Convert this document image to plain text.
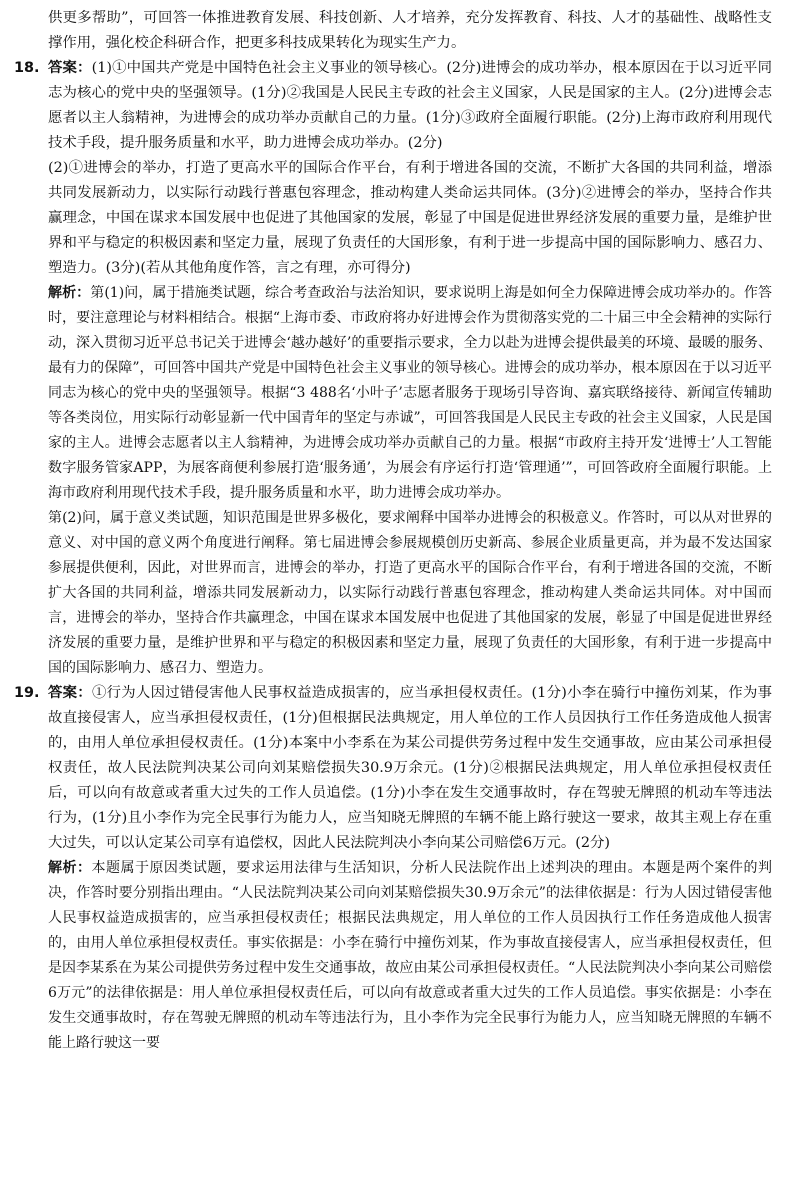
供更多帮助”，可回答一体推进教育发展、科技创新、人才培养，充分发挥教育、科技、人才的基础性、战略性支撑作用，强化校企科研合作，把更多科技成果转化为现实生产力。

18. 答案：(1)①中国共产党是中国特色社会主义事业的领导核心。(2分)进博会的成功举办，根本原因在于以习近平同志为核心的党中央的坚强领导。(1分)②我国是人民民主专政的社会主义国家，人民是国家的主人。(2分)进博会志愿者以主人翁精神，为进博会的成功举办贡献自己的力量。(1分)③政府全面履行职能。(2分)上海市政府利用现代技术手段，提升服务质量和水平，助力进博会成功举办。(2分)

(2)①进博会的举办，打造了更高水平的国际合作平台，有利于增进各国的交流，不断扩大各国的共同利益，增添共同发展新动力，以实际行动践行普惠包容理念，推动构建人类命运共同体。(3分)②进博会的举办，坚持合作共赢理念，中国在谋求本国发展中也促进了其他国家的发展，彰显了中国是促进世界经济发展的重要力量，是维护世界和平与稳定的积极因素和坚定力量，展现了负责任的大国形象，有利于进一步提高中国的国际影响力、感召力、塑造力。(3分)(若从其他角度作答，言之有理，亦可得分)

解析：第(1)问，属于措施类试题，综合考查政治与法治知识，要求说明上海是如何全力保障进博会成功举办的。作答时，要注意理论与材料相结合。根据“上海市委、市政府将办好进博会作为贯彻落实党的二十届三中全会精神的实际行动，深入贯彻习近平总书记关于进博会‘越办越好’的重要指示要求，全力以赴为进博会提供最美的环境、最暖的服务、最有力的保障”，可回答中国共产党是中国特色社会主义事业的领导核心。进博会的成功举办，根本原因在于以习近平同志为核心的党中央的坚强领导。根据“3 488名‘小叶子’志愿者服务于现场引导咨询、嘉宾联络接待、新闻宣传辅助等各类岗位，用实际行动彰显新一代中国青年的坚定与赤诚”，可回答我国是人民民主专政的社会主义国家，人民是国家的主人。进博会志愿者以主人翁精神，为进博会成功举办贡献自己的力量。根据“市政府主持开发‘进博士’人工智能数字服务管家APP，为展客商便利参展打造‘服务通’，为展会有序运行打造‘管理通’”，可回答政府全面履行职能。上海市政府利用现代技术手段，提升服务质量和水平，助力进博会成功举办。

第(2)问，属于意义类试题，知识范围是世界多极化，要求阐释中国举办进博会的积极意义。作答时，可以从对世界的意义、对中国的意义两个角度进行阐释。第七届进博会参展规模创历史新高、参展企业质量更高，并为最不发达国家参展提供便利，因此，对世界而言，进博会的举办，打造了更高水平的国际合作平台，有利于增进各国的交流，不断扩大各国的共同利益，增添共同发展新动力，以实际行动践行普惠包容理念，推动构建人类命运共同体。对中国而言，进博会的举办，坚持合作共赢理念，中国在谋求本国发展中也促进了其他国家的发展，彰显了中国是促进世界经济发展的重要力量，是维护世界和平与稳定的积极因素和坚定力量，展现了负责任的大国形象，有利于进一步提高中国的国际影响力、感召力、塑造力。

19. 答案：①行为人因过错侵害他人民事权益造成损害的，应当承担侵权责任。(1分)小李在骑行中撞伤刘某，作为事故直接侵害人，应当承担侵权责任，(1分)但根据民法典规定，用人单位的工作人员因执行工作任务造成他人损害的，由用人单位承担侵权责任。(1分)本案中小李系在为某公司提供劳务过程中发生交通事故，应由某公司承担侵权责任，故人民法院判决某公司向刘某赔偿损失30.9万余元。(1分)②根据民法典规定，用人单位承担侵权责任后，可以向有故意或者重大过失的工作人员追偿。(1分)小李在发生交通事故时，存在驾驶无牌照的机动车等违法行为，(1分)且小李作为完全民事行为能力人，应当知晓无牌照的车辆不能上路行驶这一要求，故其主观上存在重大过失，可以认定某公司享有追偿权，因此人民法院判决小李向某公司赔偿6万元。(2分)

解析：本题属于原因类试题，要求运用法律与生活知识，分析人民法院作出上述判决的理由。本题是两个案件的判决，作答时要分别指出理由。“人民法院判决某公司向刘某赔偿损失30.9万余元”的法律依据是：行为人因过错侵害他人民事权益造成损害的，应当承担侵权责任；根据民法典规定，用人单位的工作人员因执行工作任务造成他人损害的，由用人单位承担侵权责任。事实依据是：小李在骑行中撞伤刘某，作为事故直接侵害人，应当承担侵权责任，但是因李某系在为某公司提供劳务过程中发生交通事故，故应由某公司承担侵权责任。“人民法院判决小李向某公司赔偿6万元”的法律依据是：用人单位承担侵权责任后，可以向有故意或者重大过失的工作人员追偿。事实依据是：小李在发生交通事故时，存在驾驶无牌照的机动车等违法行为，且小李作为完全民事行为能力人，应当知晓无牌照的车辆不能上路行驶这一要
